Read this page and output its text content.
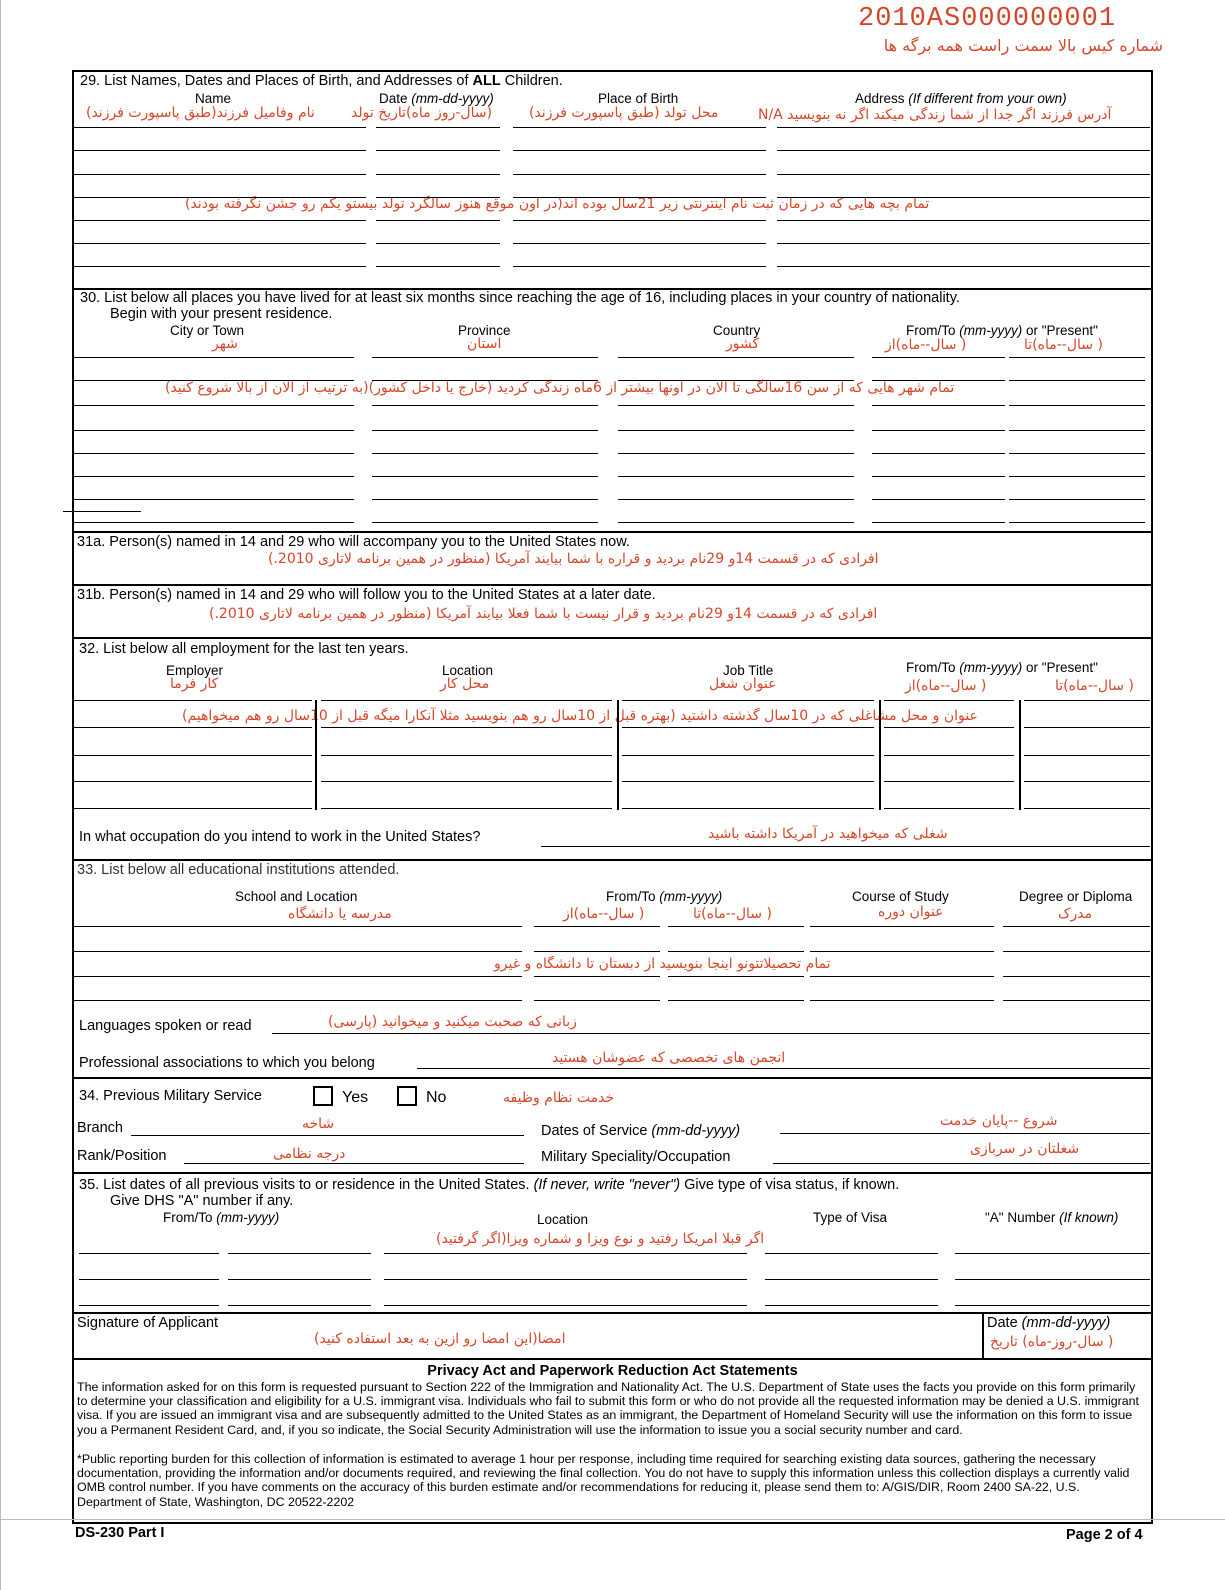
2010AS000000001
شماره کیس بالا سمت راست همه برگه ها
29. List Names, Dates and Places of Birth, and Addresses of ALL Children.
Name	Date (mm-dd-yyyy)	Place of Birth	Address (If different from your own)
نام وفامیل فرزند(طبق پاسپورت فرزند)	(سال-روز ماه)تاریخ تولد	محل تولد (طبق پاسپورت فرزند)	آدرس فرزند اگر جدا از شما زندگی میکند اگر نه بنویسید N/A
تمام بچه هایی که در زمان ثبت نام اینترنتی زیر 21سال بوده اند(در اون موقع هنوز سالگرد تولد بیستو یکم رو جشن نگرفته بودند)
30. List below all places you have lived for at least six months since reaching the age of 16, including places in your country of nationality.
Begin with your present residence.
City or Town	Province	Country	From/To (mm-yyyy) or "Present"
شهر	استان	کشور	( سال--ماه)از	( سال--ماه)تا
تمام شهر هایی که از سن 16سالگی تا الان در اونها بیشتر از 6ماه زندگی کردید (خارج یا داخل کشور)(به ترتیب از الان از بالا شروع کنید)
31a. Person(s) named in 14 and 29 who will accompany you to the United States now.
افرادی که در قسمت 14و 29نام بردید و قراره با شما بیایند آمریکا (منظور در همین برنامه لاتاری 2010.)
31b. Person(s) named in 14 and 29 who will follow you to the United States at a later date.
افرادی که در قسمت 14و 29نام بردید و قرار نیست با شما فعلا بیایند آمریکا (منظور در همین برنامه لاتاری 2010.)
32. List below all employment for the last ten years.
Employer	Location	Job Title	From/To (mm-yyyy) or "Present"
کار فرما	محل کار	عنوان شغل	( سال--ماه)از	( سال--ماه)تا
عنوان و محل مشاغلی که در 10سال گذشته داشتید (بهتره قبل از 10سال رو هم بنویسید مثلا آنکارا میگه قبل از 10سال رو هم میخواهیم)
In what occupation do you intend to work in the United States?	شغلی که میخواهید در آمریکا داشته باشید
33. List below all educational institutions attended.
School and Location	From/To (mm-yyyy)	Course of Study	Degree or Diploma
مدرسه یا دانشگاه	( سال--ماه)از	( سال--ماه)تا	عنوان دوره	مدرک
تمام تحصیلاتتونو اینجا بنویسید از دبستان تا دانشگاه و غیرو
Languages spoken or read	زبانی که صحبت میکنید و میخوانید (پارسی)
Professional associations to which you belong	انجمن های تخصصی که عضوشان هستید
34. Previous Military Service	Yes	No	خدمت نظام وظیفه
Branch	شاخه	Dates of Service (mm-dd-yyyy)
شروع --پایان خدمت
Rank/Position	درجه نظامی	Military Speciality/Occupation	شغلتان در سربازی
35. List dates of all previous visits to or residence in the United States. (If never, write "never") Give type of visa status, if known.
Give DHS "A" number if any.
From/To (mm-yyyy)	Location	Type of Visa	"A" Number (If known)
اگر قبلا امریکا رفتید و نوع ویزا و شماره ویزا(اگر گرفتید)
Signature of Applicant
امضا(این امضا رو ازین به بعد استفاده کنید)
Date (mm-dd-yyyy)
( سال-روز-ماه) تاریخ
Privacy Act and Paperwork Reduction Act Statements
The information asked for on this form is requested pursuant to Section 222 of the Immigration and Nationality Act. The U.S. Department of State uses the facts you provide on this form primarily to determine your classification and eligibility for a U.S. immigrant visa. Individuals who fail to submit this form or who do not provide all the requested information may be denied a U.S. immigrant visa. If you are issued an immigrant visa and are subsequently admitted to the United States as an immigrant, the Department of Homeland Security will use the information on this form to issue you a Permanent Resident Card, and, if you so indicate, the Social Security Administration will use the information to issue you a social security number and card.
*Public reporting burden for this collection of information is estimated to average 1 hour per response, including time required for searching existing data sources, gathering the necessary documentation, providing the information and/or documents required, and reviewing the final collection. You do not have to supply this information unless this collection displays a currently valid OMB control number. If you have comments on the accuracy of this burden estimate and/or recommendations for reducing it, please send them to: A/GIS/DIR, Room 2400 SA-22, U.S. Department of State, Washington, DC 20522-2202
DS-230 Part I	Page 2 of 4
